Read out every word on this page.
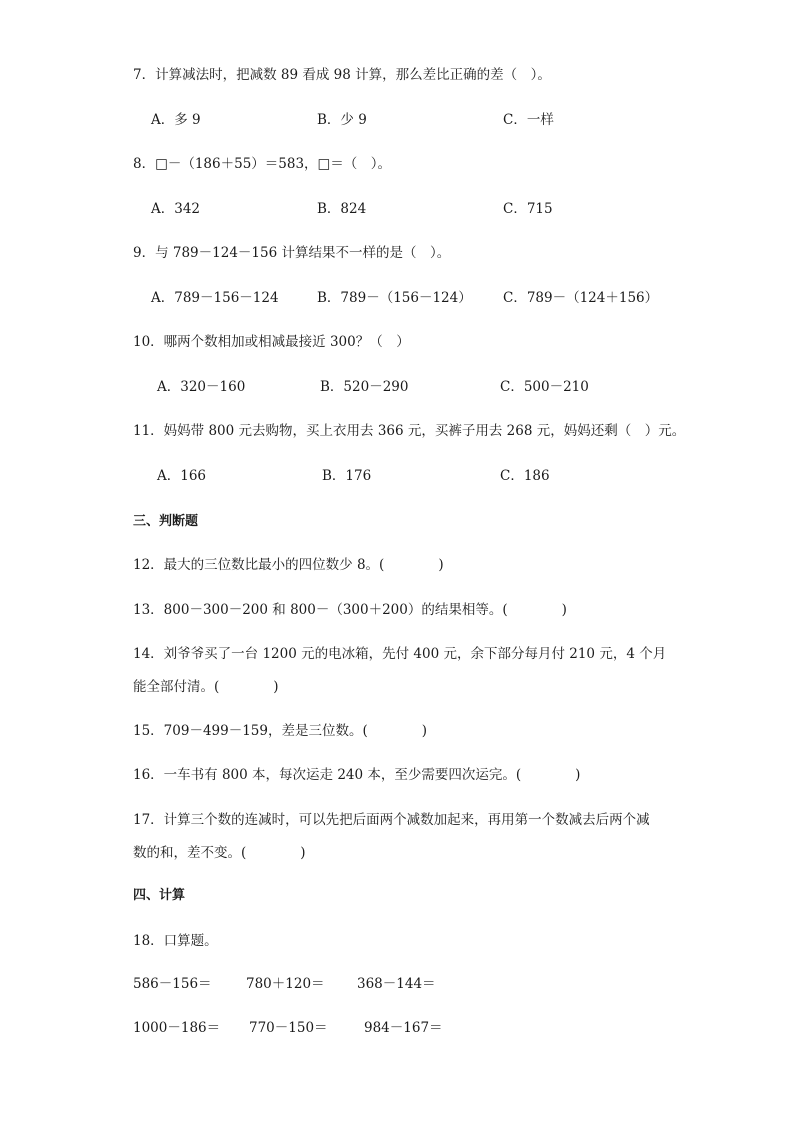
7．计算减法时，把减数 89 看成 98 计算，那么差比正确的差（　）。
A．多 9	B．少 9	C．一样
8．□－（186＋55）＝583，□＝（　）。
A．342	B．824	C．715
9．与 789－124－156 计算结果不一样的是（　）。
A．789－156－124	B．789－（156－124） C．789－（124＋156）
10．哪两个数相加或相减最接近 300？（　）
A．320－160	B．520－290	C．500－210
11．妈妈带 800 元去购物，买上衣用去 366 元，买裤子用去 268 元，妈妈还剩（　）元。
A．166	B．176	C．186
三、判断题
12．最大的三位数比最小的四位数少 8。(　　　　)
13．800－300－200 和 800－（300＋200）的结果相等。(　　　　)
14．刘爷爷买了一台 1200 元的电冰箱，先付 400 元，余下部分每月付 210 元，4 个月
能全部付清。(　　　　)
15．709－499－159，差是三位数。(　　　　)
16．一车书有 800 本，每次运走 240 本，至少需要四次运完。(　　　　)
17．计算三个数的连减时，可以先把后面两个减数加起来，再用第一个数减去后两个减
数的和，差不变。(　　　　)
四、计算
18．口算题。
586－156＝	780＋120＝ 368－144＝
1000－186＝ 770－150＝	984－167＝
